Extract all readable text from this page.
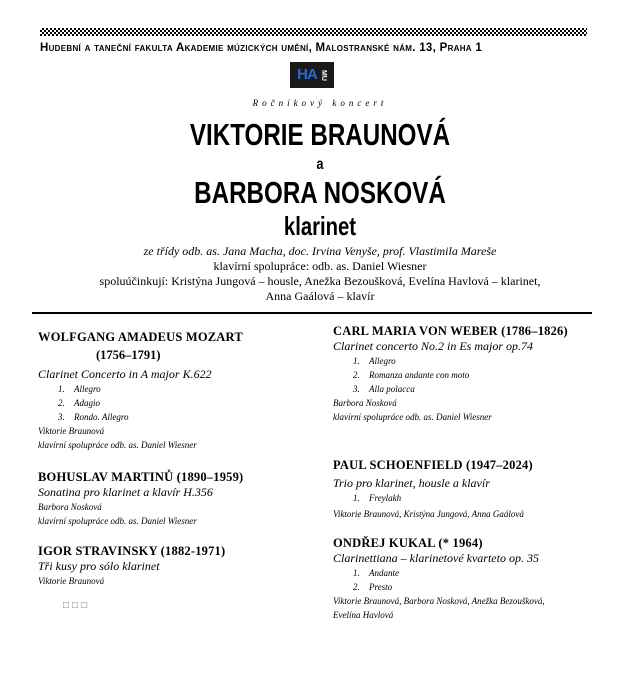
Hudební a taneční fakulta Akademie múzických umění, Malostranské nám. 13, Praha 1
HA MU
Ročníkový koncert
VIKTORIE BRAUNOVÁ
a
BARBORA NOSKOVÁ
klarinet
ze třídy odb. as. Jana Macha, doc. Irvina Venyše, prof. Vlastimila Mareše
klavírní spolupráce: odb. as. Daniel Wiesner
spoluúčinkují: Kristýna Jungová – housle, Anežka Bezoušková, Evelína Havlová – klarinet,
Anna Gaálová – klavír
WOLFGANG AMADEUS MOZART
(1756–1791)
Clarinet Concerto in A major K.622
1.	Allegro
2.	Adagio
3.	Rondo. Allegro
Viktorie Braunová
klavírní spolupráce odb. as. Daniel Wiesner
BOHUSLAV MARTINŮ (1890–1959)
Sonatina pro klarinet a klavír H.356
Barbora Nosková
klavírní spolupráce odb. as. Daniel Wiesner
IGOR STRAVINSKY (1882-1971)
Tři kusy pro sólo klarinet
Viktorie Braunová
□□□
CARL MARIA VON WEBER (1786–1826)
Clarinet concerto No.2 in Es major op.74
1.	Allegro
2.	Romanza andante con moto
3.	Alla polacca
Barbora Nosková
klavírní spolupráce odb. as. Daniel Wiesner
PAUL SCHOENFIELD (1947–2024)
Trio pro klarinet, housle a klavír
1.	Freylakh
Viktorie Braunová, Kristýna Jungová, Anna Gaálová
ONDŘEJ KUKAL (* 1964)
Clarinettiana – klarinetové kvarteto op. 35
1.	Andante
2.	Presto
Viktorie Braunová, Barbora Nosková, Anežka Bezoušková,
Evelína Havlová
